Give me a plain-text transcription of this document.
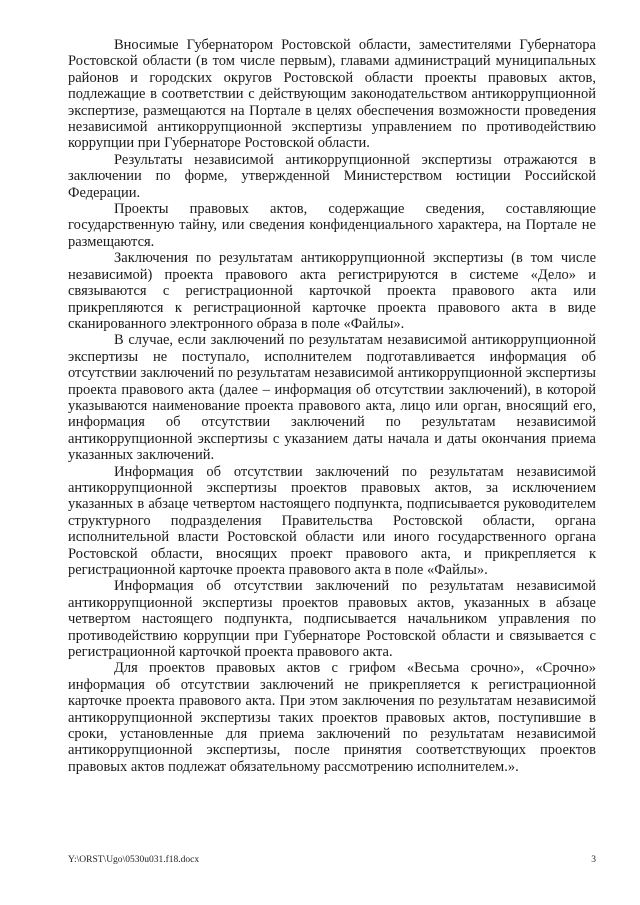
Вносимые Губернатором Ростовской области, заместителями Губернатора Ростовской области (в том числе первым), главами администраций муниципальных районов и городских округов Ростовской области проекты правовых актов, подлежащие в соответствии с действующим законодательством антикоррупционной экспертизе, размещаются на Портале в целях обеспечения возможности проведения независимой антикоррупционной экспертизы управлением по противодействию коррупции при Губернаторе Ростовской области.

Результаты независимой антикоррупционной экспертизы отражаются в заключении по форме, утвержденной Министерством юстиции Российской Федерации.

Проекты правовых актов, содержащие сведения, составляющие государственную тайну, или сведения конфиденциального характера, на Портале не размещаются.

Заключения по результатам антикоррупционной экспертизы (в том числе независимой) проекта правового акта регистрируются в системе «Дело» и связываются с регистрационной карточкой проекта правового акта или прикрепляются к регистрационной карточке проекта правового акта в виде сканированного электронного образа в поле «Файлы».

В случае, если заключений по результатам независимой антикоррупционной экспертизы не поступало, исполнителем подготавливается информация об отсутствии заключений по результатам независимой антикоррупционной экспертизы проекта правового акта (далее – информация об отсутствии заключений), в которой указываются наименование проекта правового акта, лицо или орган, вносящий его, информация об отсутствии заключений по результатам независимой антикоррупционной экспертизы с указанием даты начала и даты окончания приема указанных заключений.

Информация об отсутствии заключений по результатам независимой антикоррупционной экспертизы проектов правовых актов, за исключением указанных в абзаце четвертом настоящего подпункта, подписывается руководителем структурного подразделения Правительства Ростовской области, органа исполнительной власти Ростовской области или иного государственного органа Ростовской области, вносящих проект правового акта, и прикрепляется к регистрационной карточке проекта правового акта в поле «Файлы».

Информация об отсутствии заключений по результатам независимой антикоррупционной экспертизы проектов правовых актов, указанных в абзаце четвертом настоящего подпункта, подписывается начальником управления по противодействию коррупции при Губернаторе Ростовской области и связывается с регистрационной карточкой проекта правового акта.

Для проектов правовых актов с грифом «Весьма срочно», «Срочно» информация об отсутствии заключений не прикрепляется к регистрационной карточке проекта правового акта. При этом заключения по результатам независимой антикоррупционной экспертизы таких проектов правовых актов, поступившие в сроки, установленные для приема заключений по результатам независимой антикоррупционной экспертизы, после принятия соответствующих проектов правовых актов подлежат обязательному рассмотрению исполнителем.».

Y:\ORST\Ugo\0530u031.f18.docx	3
